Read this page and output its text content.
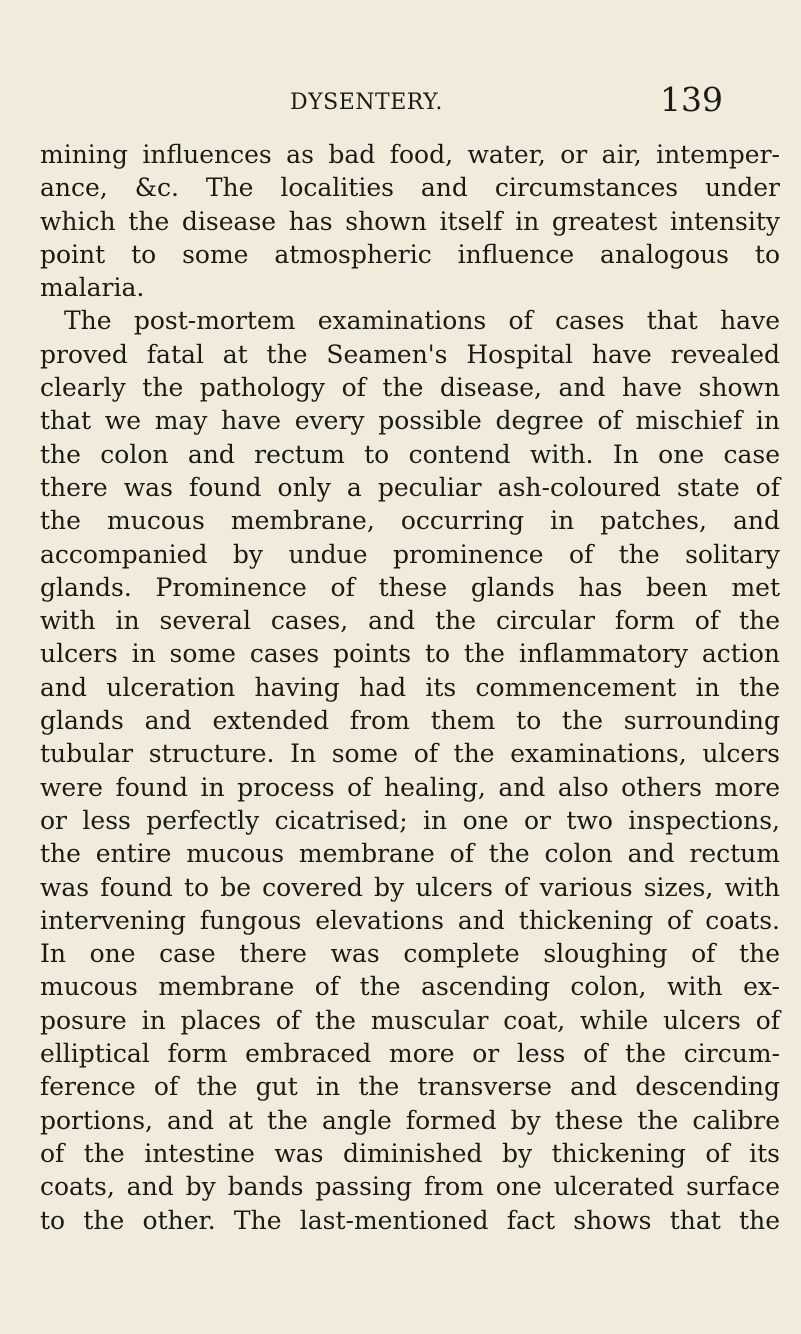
DYSENTERY.	139
mining influences as bad food, water, or air, intemper-
ance, &c. The localities and circumstances under
which the disease has shown itself in greatest intensity
point to some atmospheric influence analogous to
malaria.
The post-mortem examinations of cases that have
proved fatal at the Seamen's Hospital have revealed
clearly the pathology of the disease, and have shown
that we may have every possible degree of mischief in
the colon and rectum to contend with. In one case
there was found only a peculiar ash-coloured state of
the mucous membrane, occurring in patches, and
accompanied by undue prominence of the solitary
glands. Prominence of these glands has been met
with in several cases, and the circular form of the
ulcers in some cases points to the inflammatory action
and ulceration having had its commencement in the
glands and extended from them to the surrounding
tubular structure. In some of the examinations, ulcers
were found in process of healing, and also others more
or less perfectly cicatrised; in one or two inspections,
the entire mucous membrane of the colon and rectum
was found to be covered by ulcers of various sizes, with
intervening fungous elevations and thickening of coats.
In one case there was complete sloughing of the
mucous membrane of the ascending colon, with ex-
posure in places of the muscular coat, while ulcers of
elliptical form embraced more or less of the circum-
ference of the gut in the transverse and descending
portions, and at the angle formed by these the calibre
of the intestine was diminished by thickening of its
coats, and by bands passing from one ulcerated surface
to the other. The last-mentioned fact shows that the
